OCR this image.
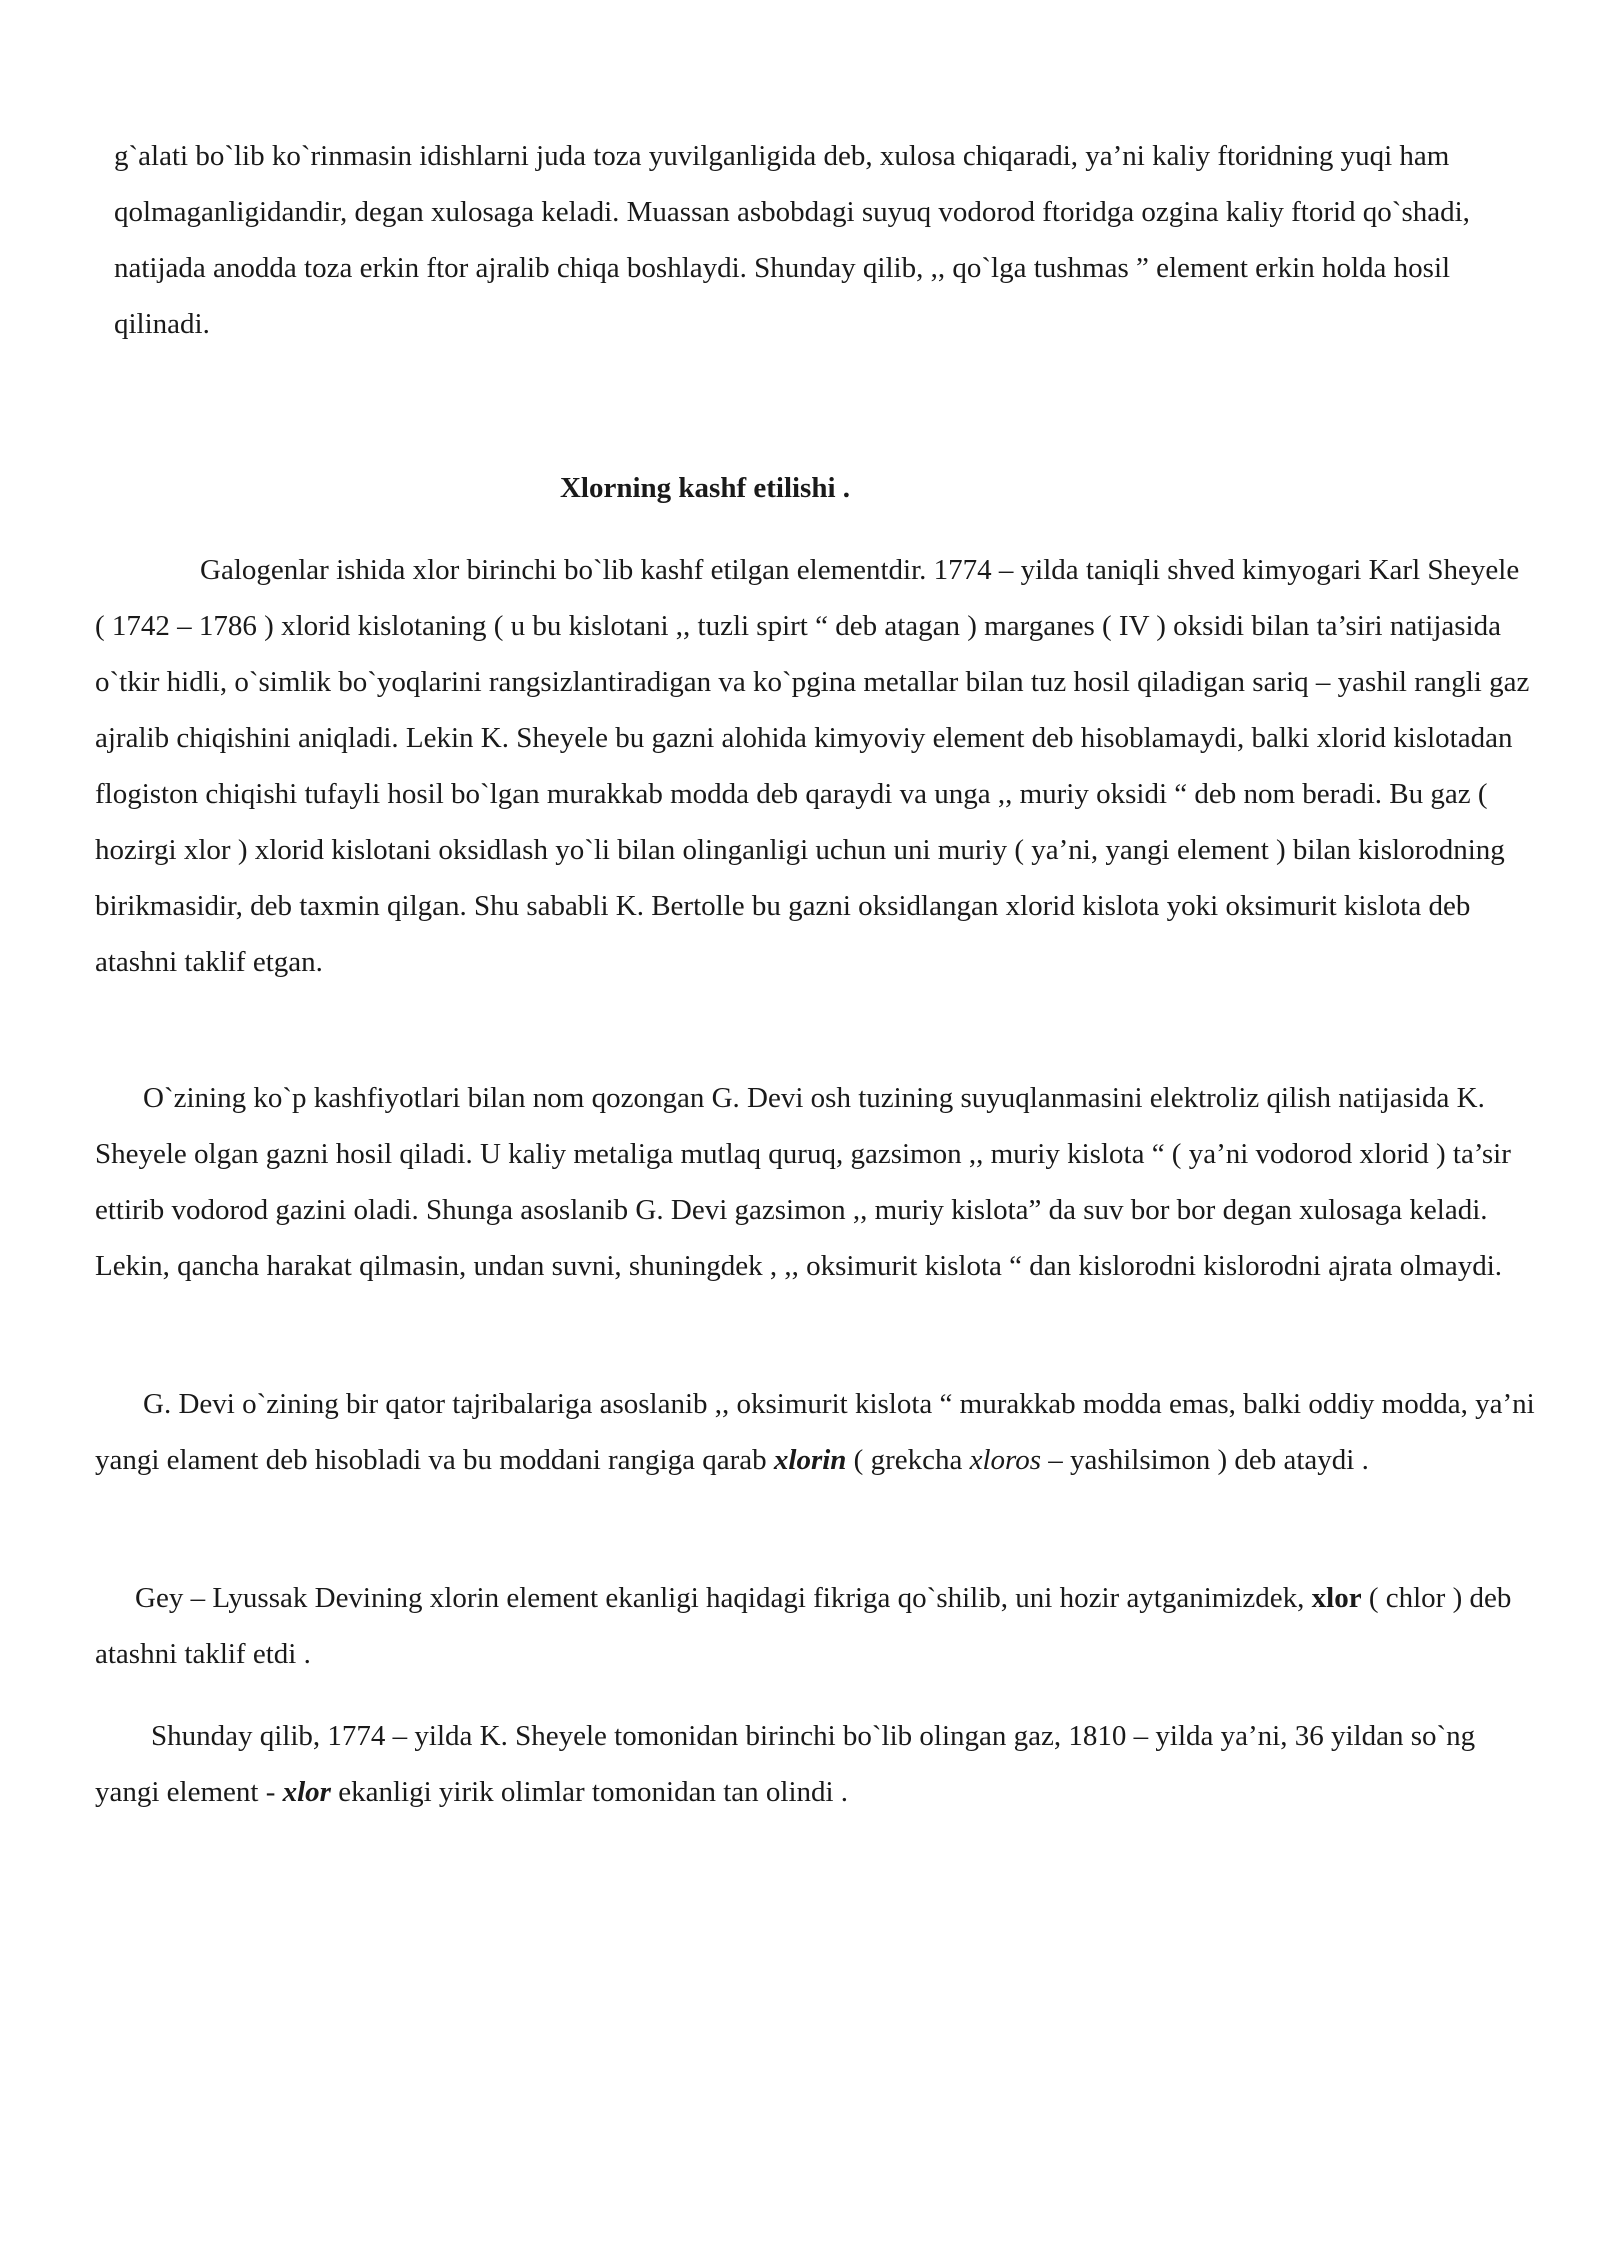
g`alati bo`lib ko`rinmasin idishlarni juda toza yuvilganligida deb, xulosa chiqaradi, ya’ni kaliy ftoridning yuqi ham qolmaganligidandir, degan xulosaga keladi. Muassan asbobdagi suyuq vodorod ftoridga ozgina kaliy ftorid qo`shadi, natijada anodda toza erkin ftor ajralib chiqa boshlaydi. Shunday qilib, ,, qo`lga tushmas ” element erkin holda hosil qilinadi.

Xlorning kashf etilishi .

Galogenlar ishida xlor birinchi bo`lib kashf etilgan elementdir. 1774 – yilda taniqli shved kimyogari Karl Sheyele ( 1742 – 1786 ) xlorid kislotaning ( u bu kislotani ,, tuzli spirt “ deb atagan ) marganes ( IV ) oksidi bilan ta’siri natijasida o`tkir hidli, o`simlik bo`yoqlarini rangsizlantiradigan va ko`pgina metallar bilan tuz hosil qiladigan sariq – yashil rangli gaz ajralib chiqishini aniqladi. Lekin K. Sheyele bu gazni alohida kimyoviy element deb hisoblamaydi, balki xlorid kislotadan flogiston chiqishi tufayli hosil bo`lgan murakkab modda deb qaraydi va unga ,, muriy oksidi “ deb nom beradi. Bu gaz ( hozirgi xlor ) xlorid kislotani oksidlash yo`li bilan olinganligi uchun uni muriy ( ya’ni, yangi element ) bilan kislorodning birikmasidir, deb taxmin qilgan. Shu sababli K. Bertolle bu gazni oksidlangan xlorid kislota yoki oksimurit kislota deb atashni taklif etgan.

O`zining ko`p kashfiyotlari bilan nom qozongan G. Devi osh tuzining suyuqlanmasini elektroliz qilish natijasida K. Sheyele olgan gazni hosil qiladi. U kaliy metaliga mutlaq quruq, gazsimon ,, muriy kislota “ ( ya’ni vodorod xlorid ) ta’sir ettirib vodorod gazini oladi. Shunga asoslanib G. Devi gazsimon ,, muriy kislota” da suv bor bor degan xulosaga keladi. Lekin, qancha harakat qilmasin, undan suvni, shuningdek , ,, oksimurit kislota “ dan kislorodni kislorodni ajrata olmaydi.

G. Devi o`zining bir qator tajribalariga asoslanib ,, oksimurit kislota “ murakkab modda emas, balki oddiy modda, ya’ni yangi elament deb hisobladi va bu moddani rangiga qarab xlorin ( grekcha xloros – yashilsimon ) deb ataydi .

Gey – Lyussak Devining xlorin element ekanligi haqidagi fikriga qo`shilib, uni hozir aytganimizdek, xlor ( chlor ) deb atashni taklif etdi .

Shunday qilib, 1774 – yilda K. Sheyele tomonidan birinchi bo`lib olingan gaz, 1810 – yilda ya’ni, 36 yildan so`ng yangi element - xlor ekanligi yirik olimlar tomonidan tan olindi .
